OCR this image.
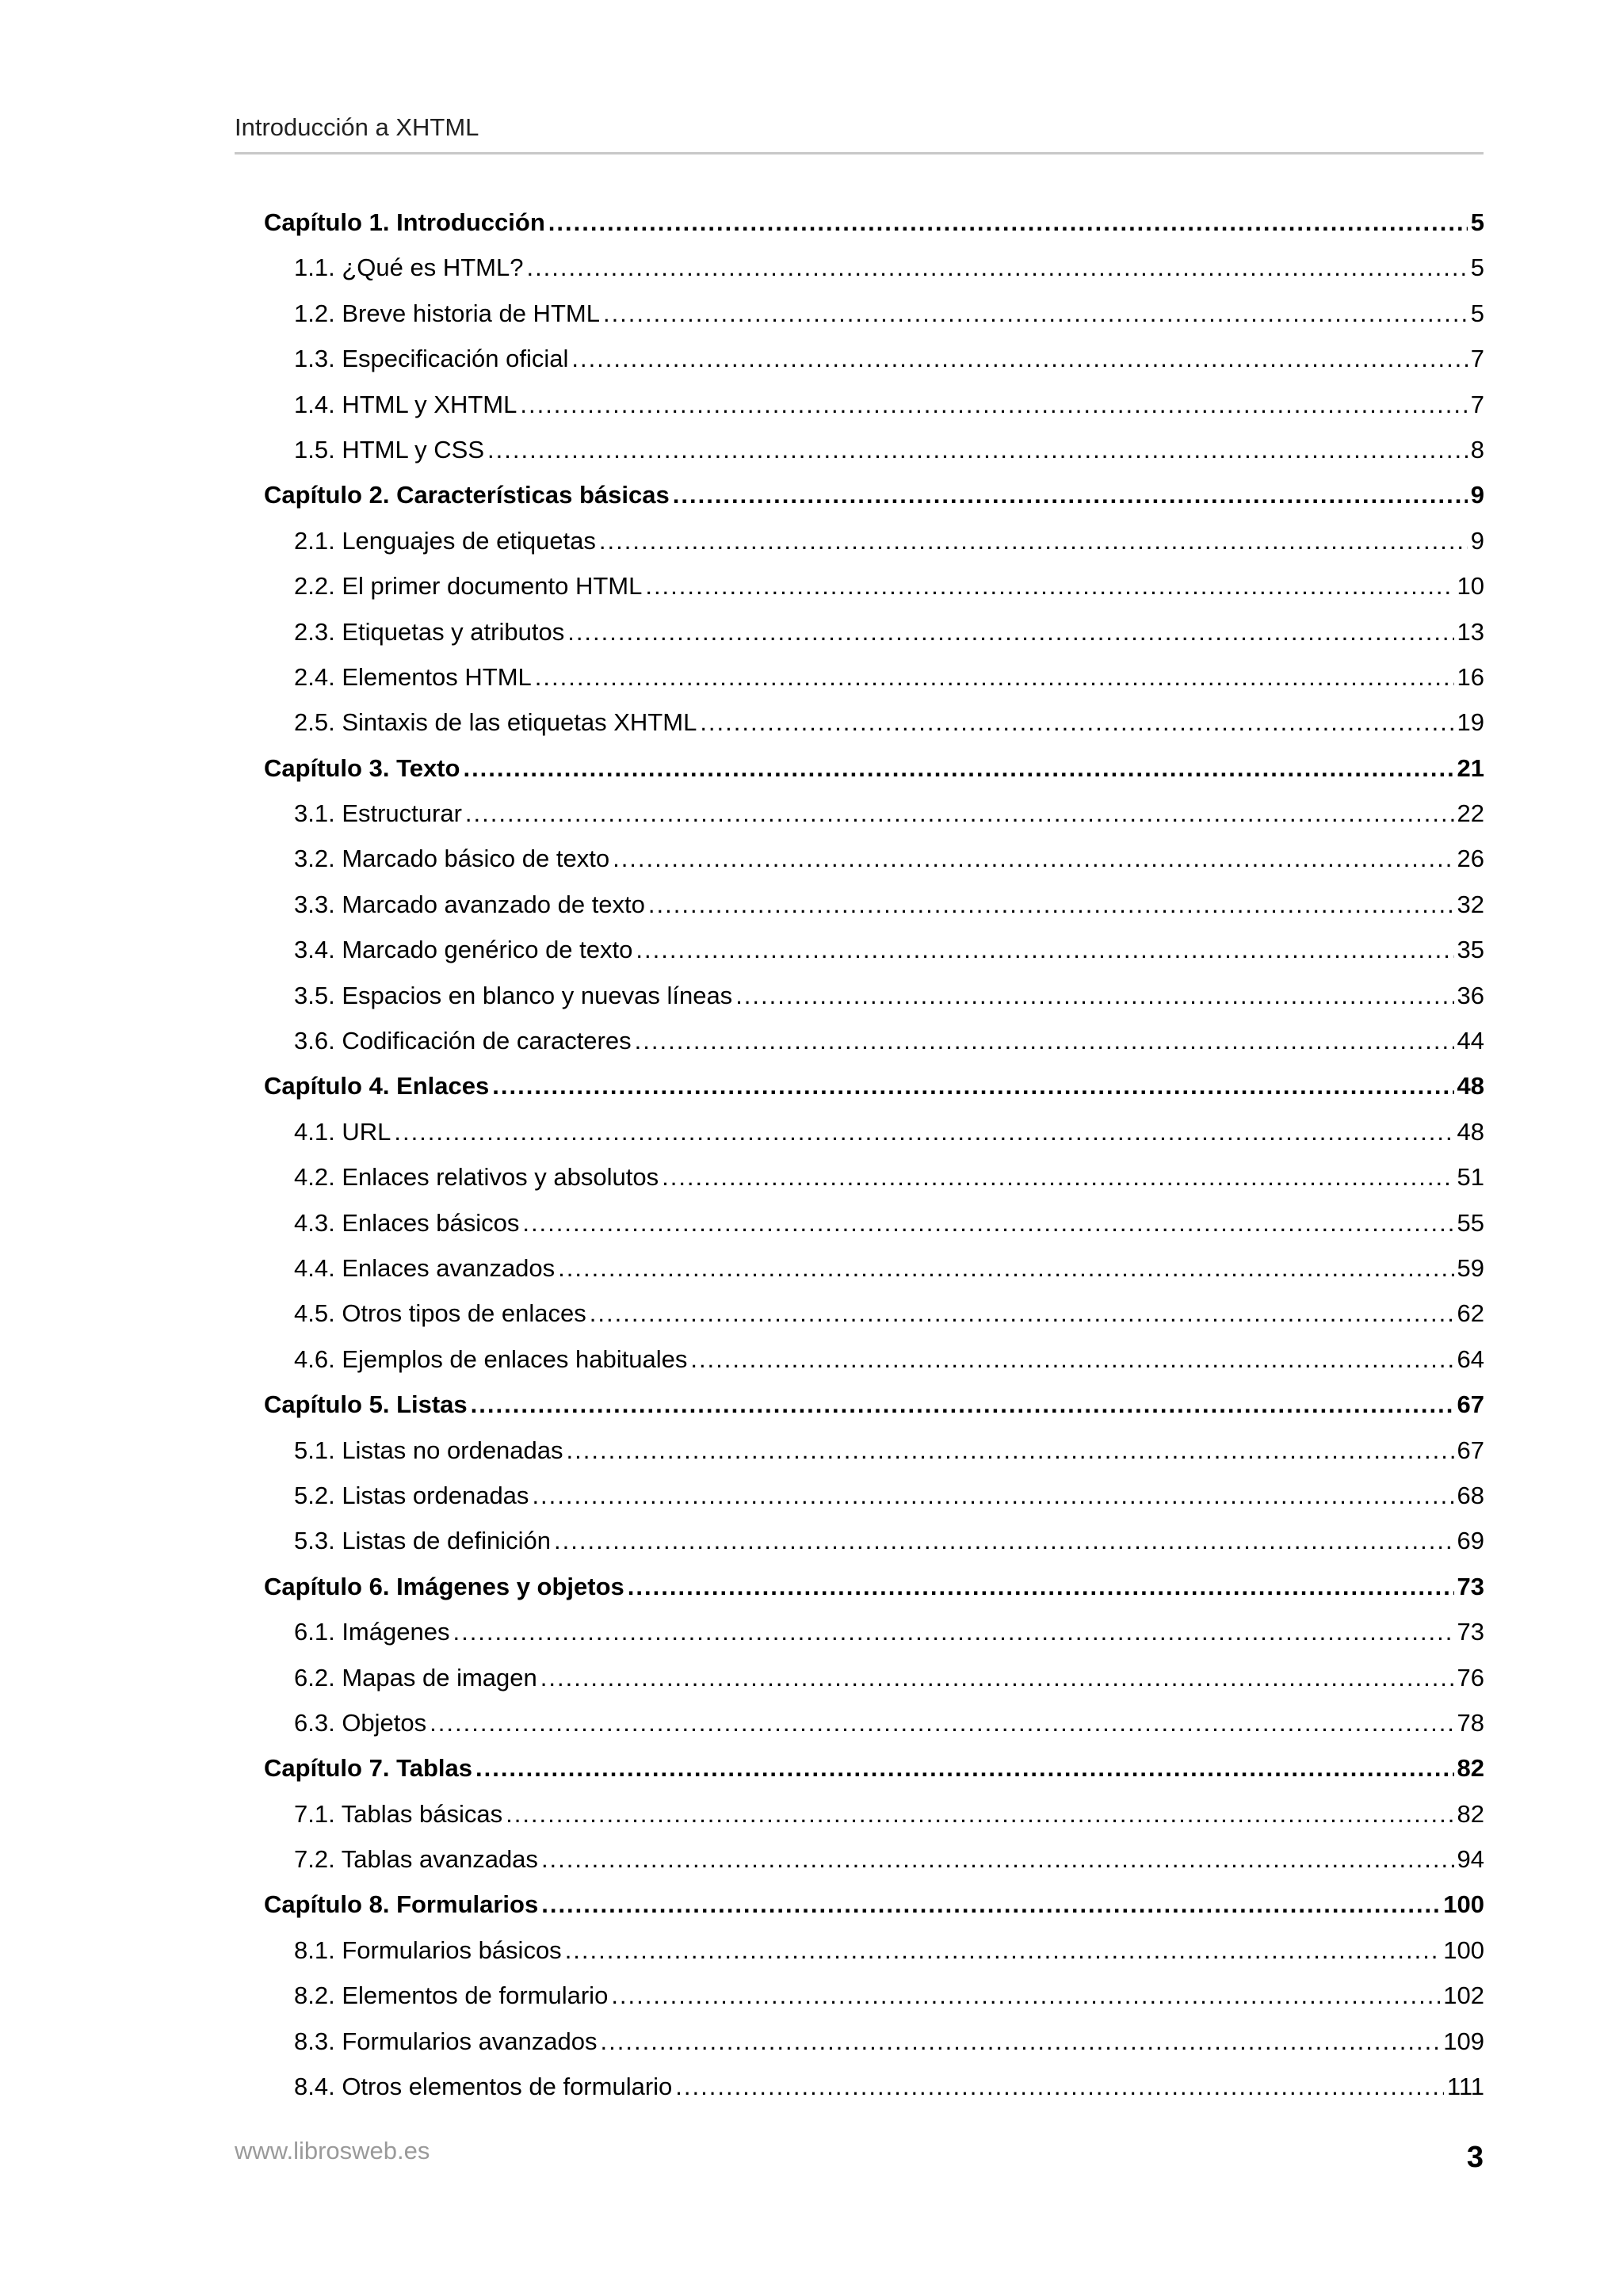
Introducción a XHTML
Capítulo 1. Introducción .....	5
1.1. ¿Qué es HTML? .....	5
1.2. Breve historia de HTML .....	5
1.3. Especificación oficial .....	7
1.4. HTML y XHTML .....	7
1.5. HTML y CSS .....	8
Capítulo 2. Características básicas .....	9
2.1. Lenguajes de etiquetas .....	9
2.2. El primer documento HTML .....	10
2.3. Etiquetas y atributos .....	13
2.4. Elementos HTML .....	16
2.5. Sintaxis de las etiquetas XHTML .....	19
Capítulo 3. Texto .....	21
3.1. Estructurar .....	22
3.2. Marcado básico de texto .....	26
3.3. Marcado avanzado de texto .....	32
3.4. Marcado genérico de texto .....	35
3.5. Espacios en blanco y nuevas líneas .....	36
3.6. Codificación de caracteres .....	44
Capítulo 4. Enlaces .....	48
4.1. URL .....	48
4.2. Enlaces relativos y absolutos .....	51
4.3. Enlaces básicos .....	55
4.4. Enlaces avanzados .....	59
4.5. Otros tipos de enlaces .....	62
4.6. Ejemplos de enlaces habituales .....	64
Capítulo 5. Listas .....	67
5.1. Listas no ordenadas .....	67
5.2. Listas ordenadas .....	68
5.3. Listas de definición .....	69
Capítulo 6. Imágenes y objetos .....	73
6.1. Imágenes .....	73
6.2. Mapas de imagen .....	76
6.3. Objetos .....	78
Capítulo 7. Tablas .....	82
7.1. Tablas básicas .....	82
7.2. Tablas avanzadas .....	94
Capítulo 8. Formularios .....	100
8.1. Formularios básicos .....	100
8.2. Elementos de formulario .....	102
8.3. Formularios avanzados .....	109
8.4. Otros elementos de formulario .....	111
www.librosweb.es	3
